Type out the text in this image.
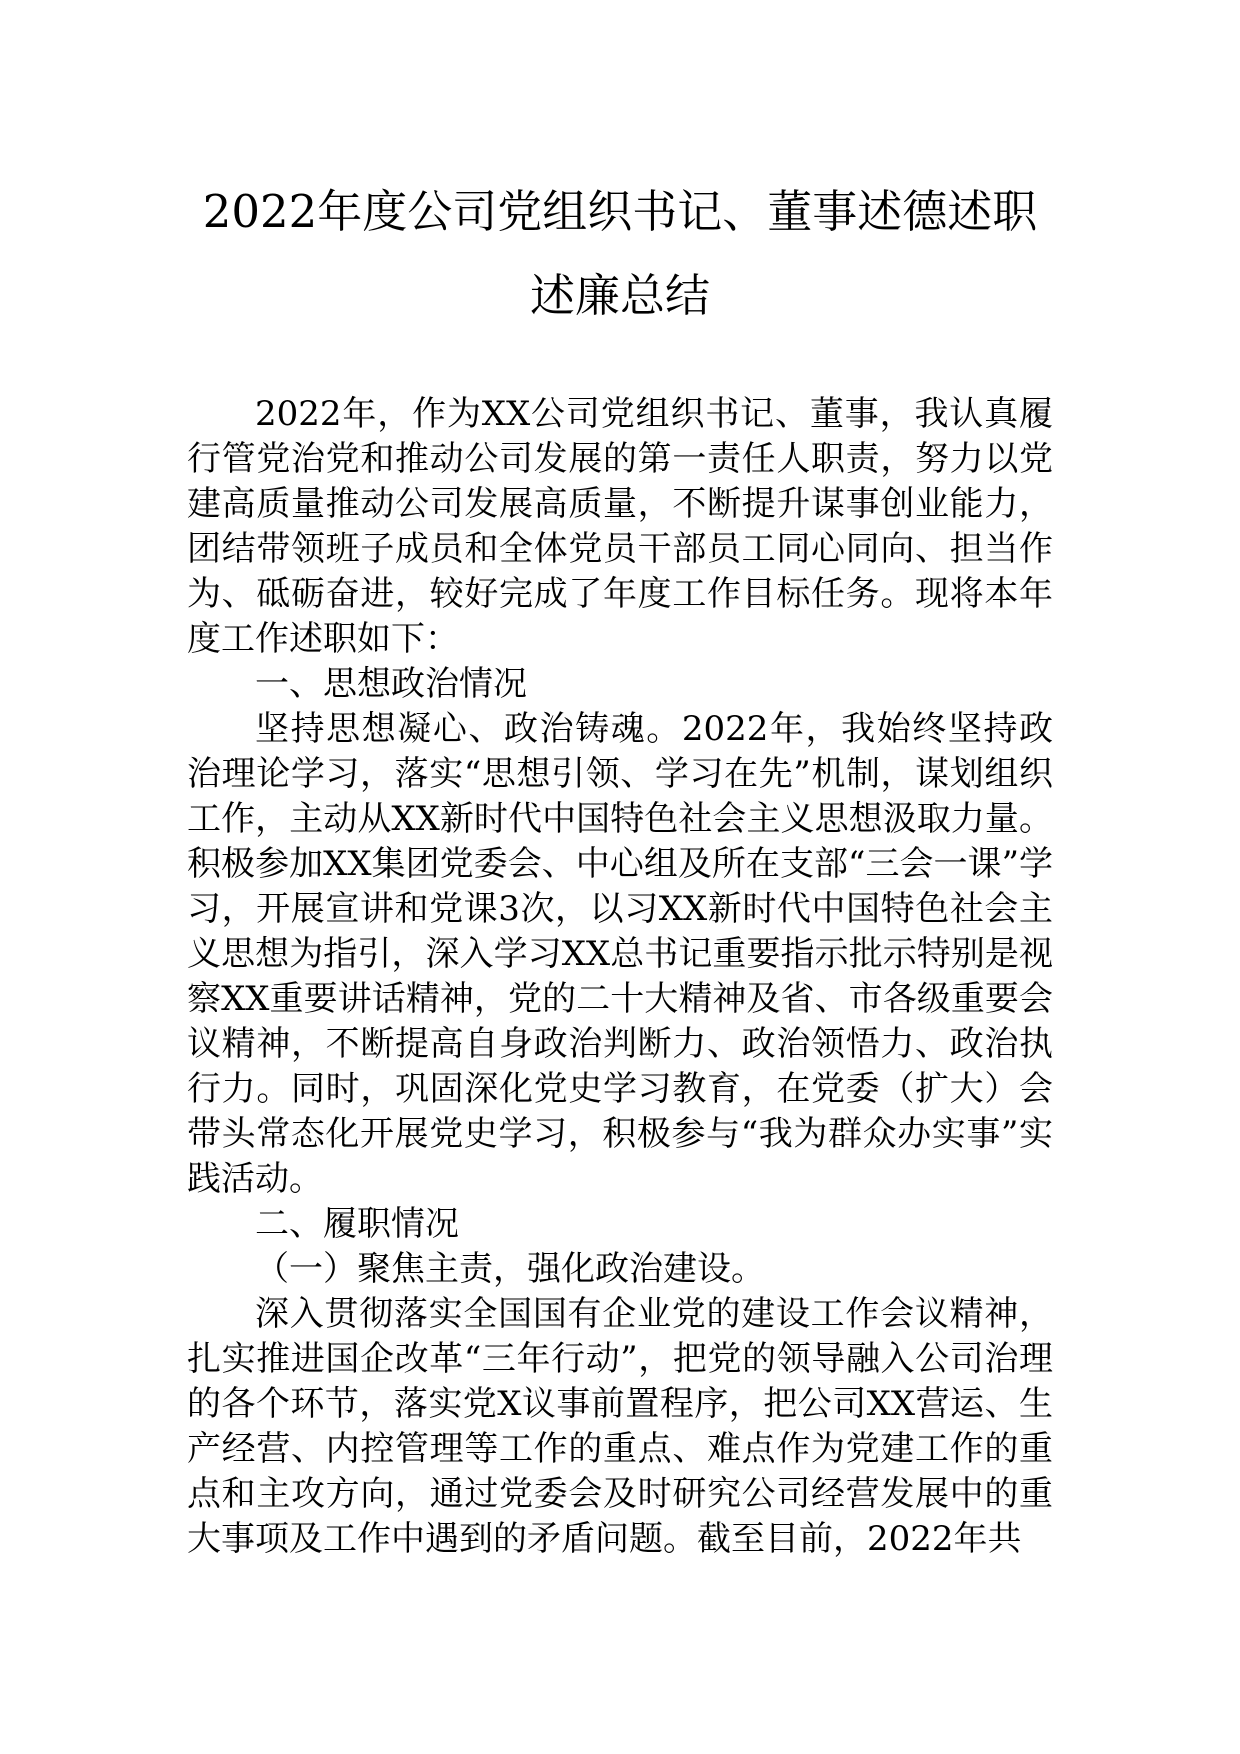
2022年度公司党组织书记、董事述德述职
述廉总结

2022年，作为XX公司党组织书记、董事，我认真履行管党治党和推动公司发展的第一责任人职责，努力以党建高质量推动公司发展高质量，不断提升谋事创业能力，团结带领班子成员和全体党员干部员工同心同向、担当作为、砥砺奋进，较好完成了年度工作目标任务。现将本年度工作述职如下：

一、思想政治情况

坚持思想凝心、政治铸魂。2022年，我始终坚持政治理论学习，落实“思想引领、学习在先”机制，谋划组织工作，主动从XX新时代中国特色社会主义思想汲取力量。积极参加XX集团党委会、中心组及所在支部“三会一课”学习，开展宣讲和党课3次，以习XX新时代中国特色社会主义思想为指引，深入学习XX总书记重要指示批示特别是视察XX重要讲话精神，党的二十大精神及省、市各级重要会议精神，不断提高自身政治判断力、政治领悟力、政治执行力。同时，巩固深化党史学习教育，在党委（扩大）会带头常态化开展党史学习，积极参与“我为群众办实事”实践活动。

二、履职情况

（一）聚焦主责，强化政治建设。

深入贯彻落实全国国有企业党的建设工作会议精神，扎实推进国企改革“三年行动”，把党的领导融入公司治理的各个环节，落实党X议事前置程序，把公司XX营运、生产经营、内控管理等工作的重点、难点作为党建工作的重点和主攻方向，通过党委会及时研究公司经营发展中的重大事项及工作中遇到的矛盾问题。截至目前，2022年共
